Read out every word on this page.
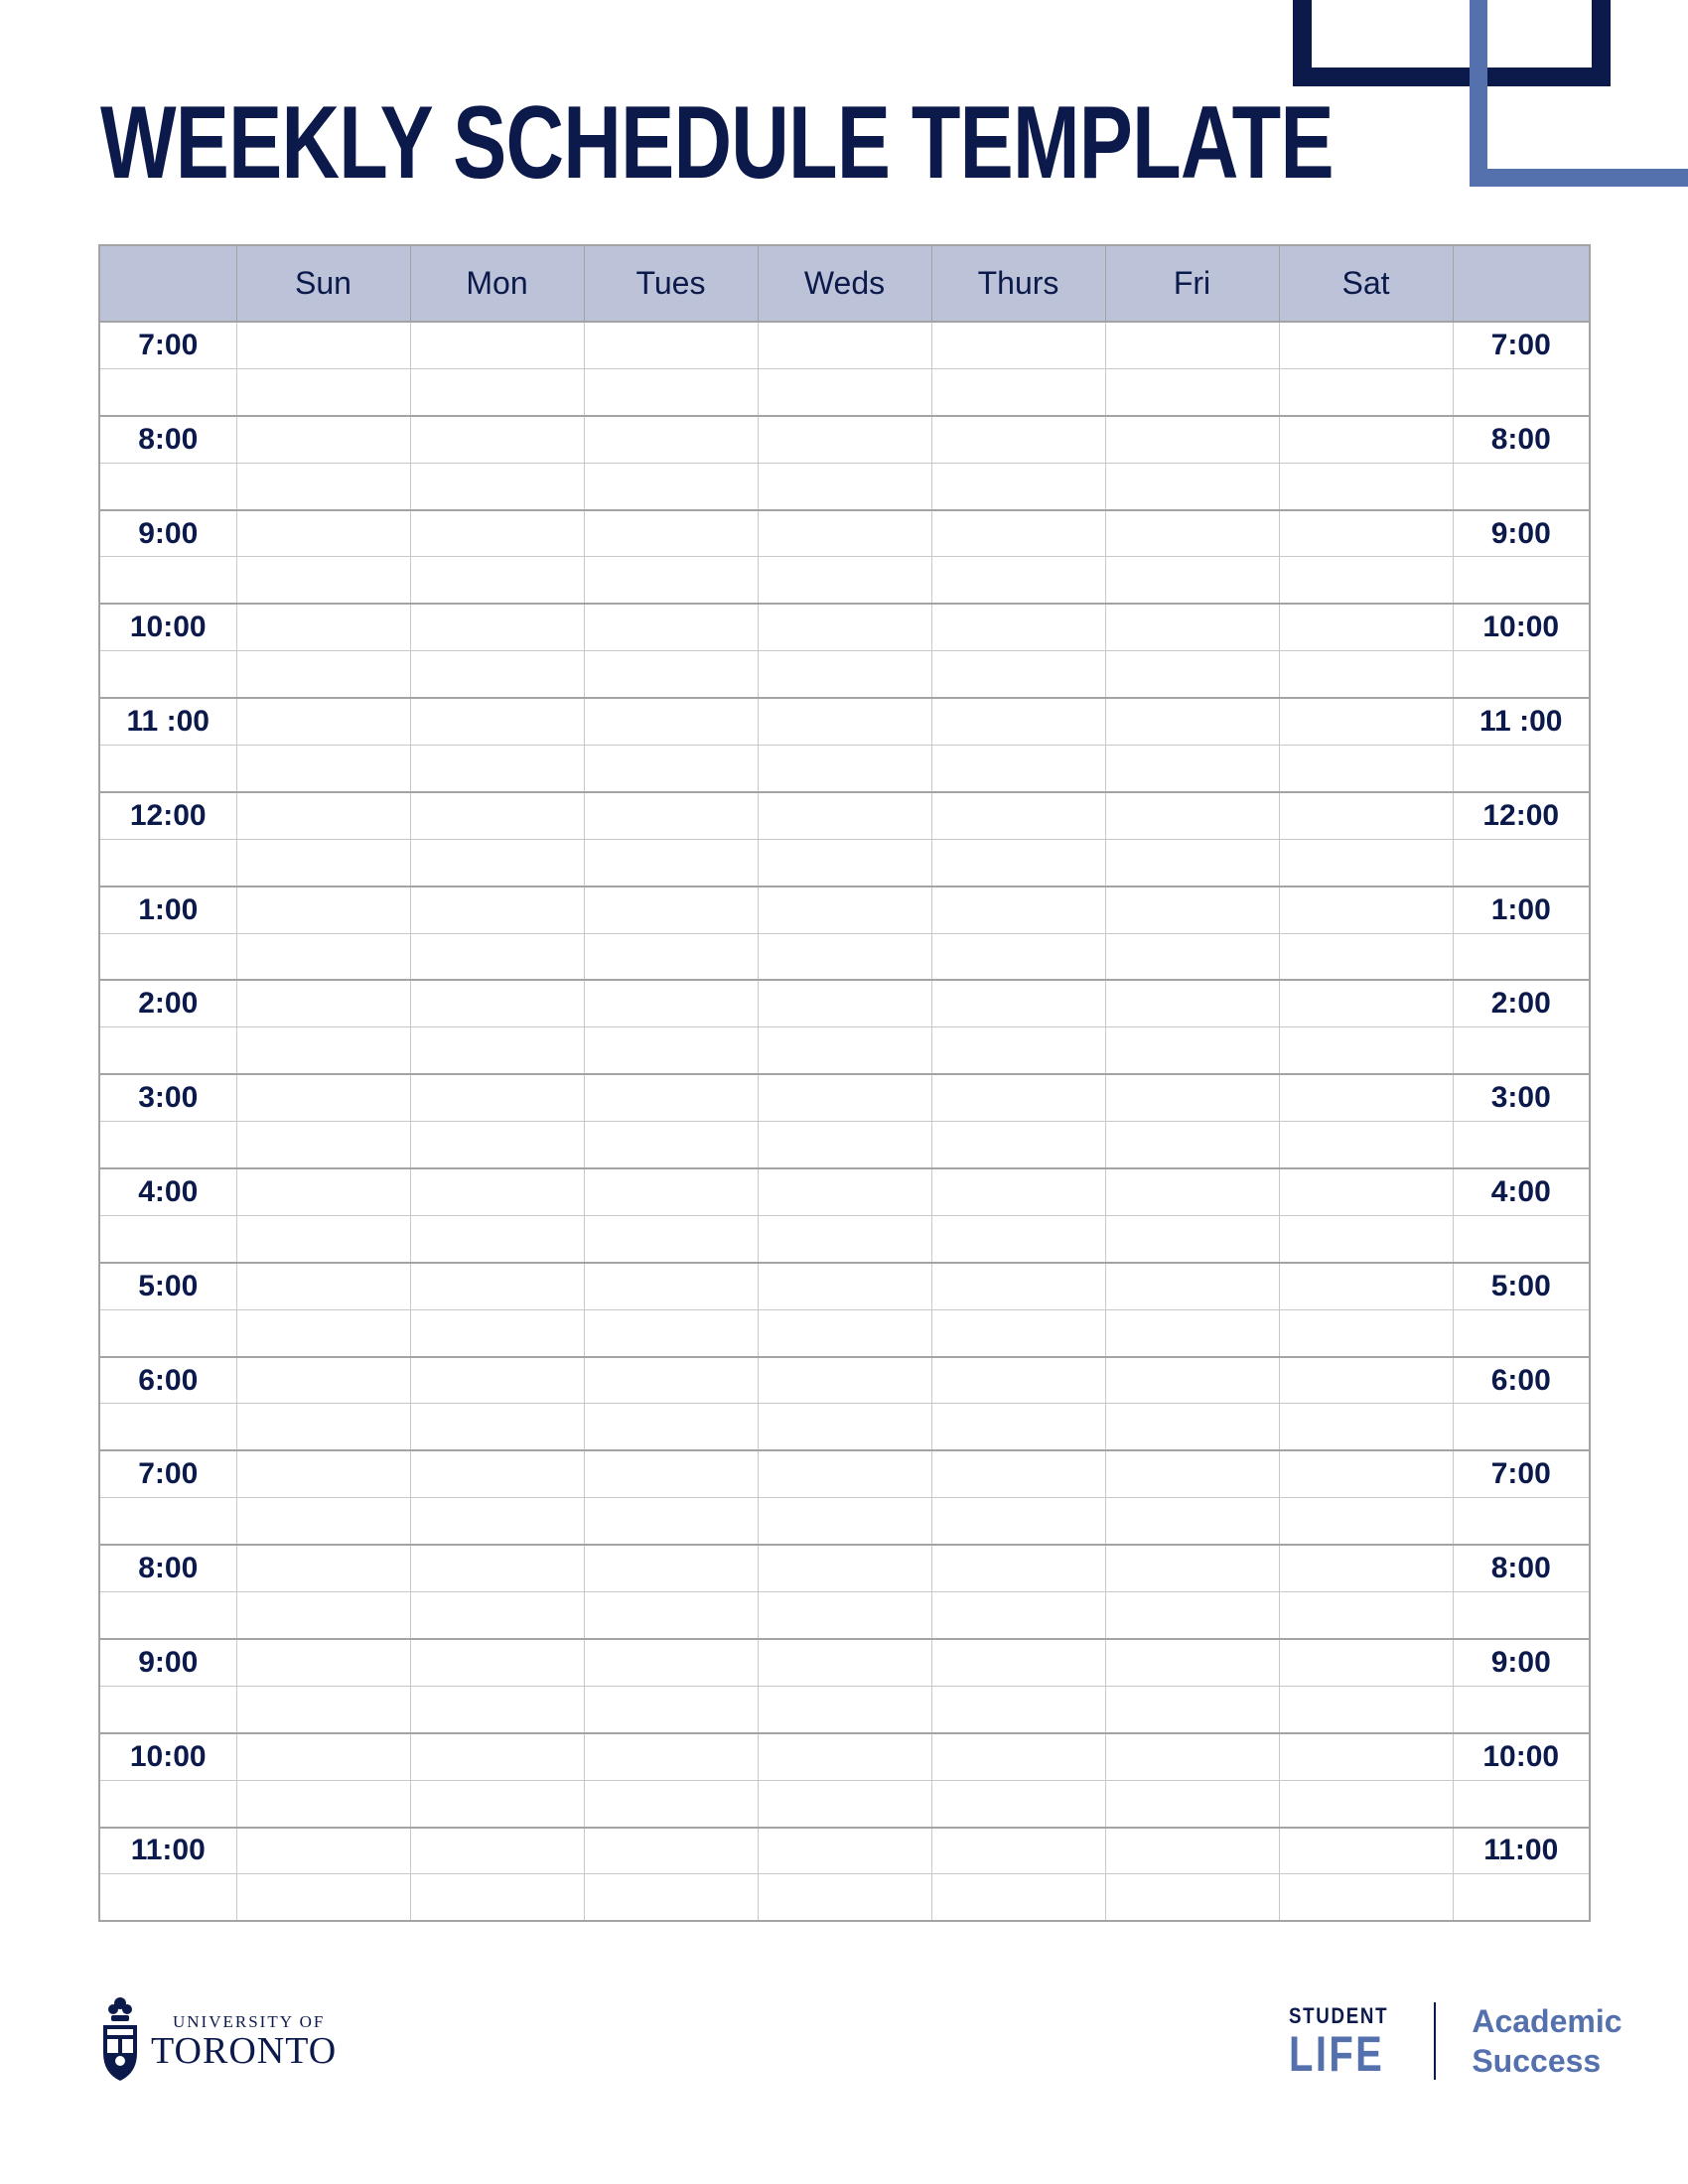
WEEKLY SCHEDULE TEMPLATE
	Sun	Mon	Tues	Weds	Thurs	Fri	Sat	
7:00								7:00

8:00								8:00

9:00								9:00

10:00								10:00

11 :00								11 :00

12:00								12:00

1:00								1:00

2:00								2:00

3:00								3:00

4:00								4:00

5:00								5:00

6:00								6:00

7:00								7:00

8:00								8:00

9:00								9:00

10:00								10:00

11:00								11:00

UNIVERSITY OF
TORONTO
STUDENT
LIFE
Academic
Success
